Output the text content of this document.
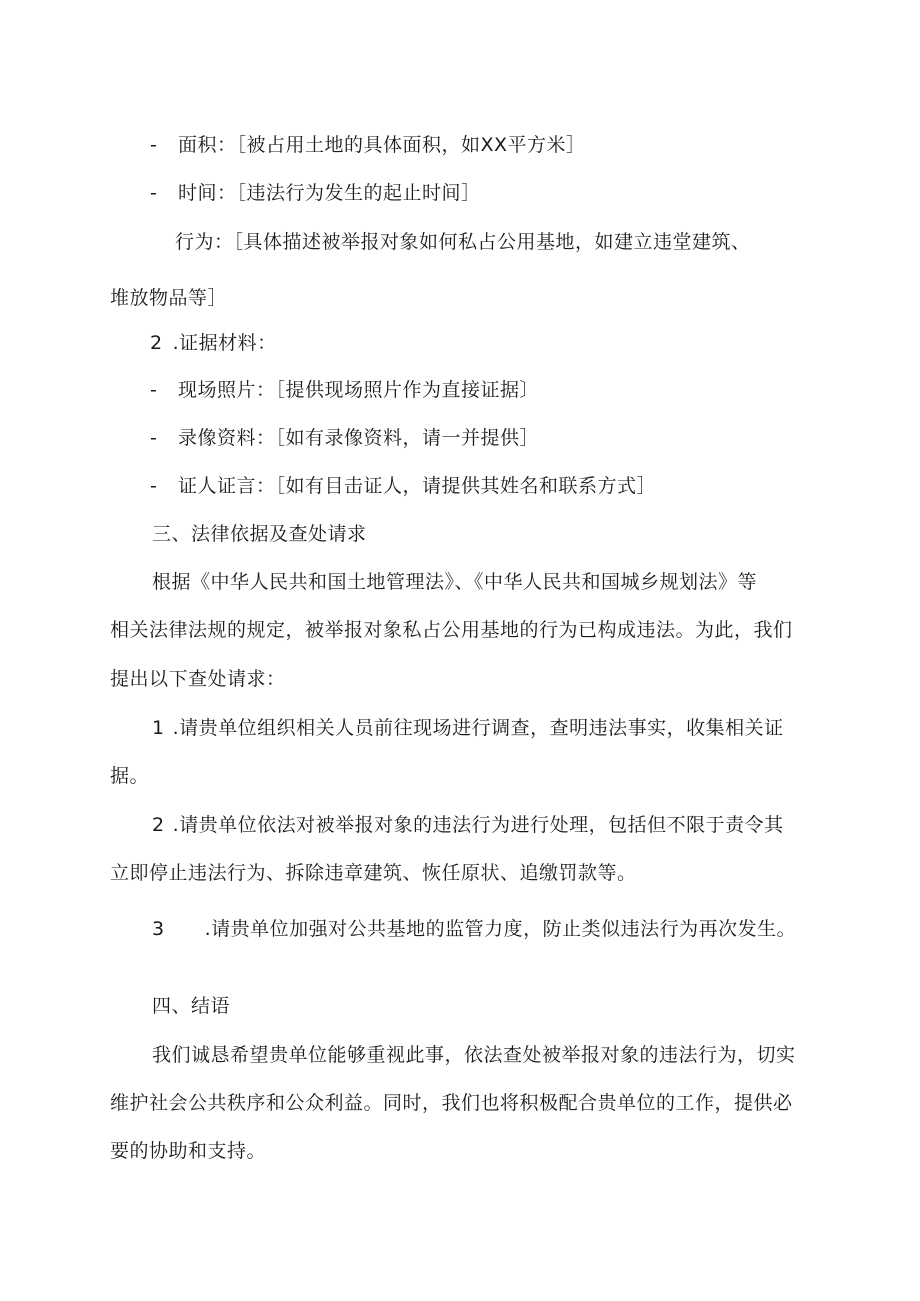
- 面积：［被占用土地的具体面积，如XX平方米］
- 时间：［违法行为发生的起止时间］
行为：［具体描述被举报对象如何私占公用基地，如建立违堂建筑、
堆放物品等］
2 .证据材料：
- 现场照片：［提供现场照片作为直接证据〕
- 录像资料：［如有录像资料，请一并提供］
- 证人证言：［如有目击证人，请提供其姓名和联系方式］
三、法律依据及查处请求
根据《中华人民共和国土地管理法》、《中华人民共和国城乡规划法》等
相关法律法规的规定，被举报对象私占公用基地的行为已构成违法。为此，我们
提出以下查处请求：
1 .请贵单位组织相关人员前往现场进行调查，查明违法事实，收集相关证
据。
2 .请贵单位依法对被举报对象的违法行为进行处理，包括但不限于责令其
立即停止违法行为、拆除违章建筑、恢任原状、追缴罚款等。
3 .请贵单位加强对公共基地的监管力度，防止类似违法行为再次发生。
四、结语
我们诚恳希望贵单位能够重视此事，依法查处被举报对象的违法行为，切实
维护社会公共秩序和公众利益。同时，我们也将积极配合贵单位的工作，提供必
要的协助和支持。
